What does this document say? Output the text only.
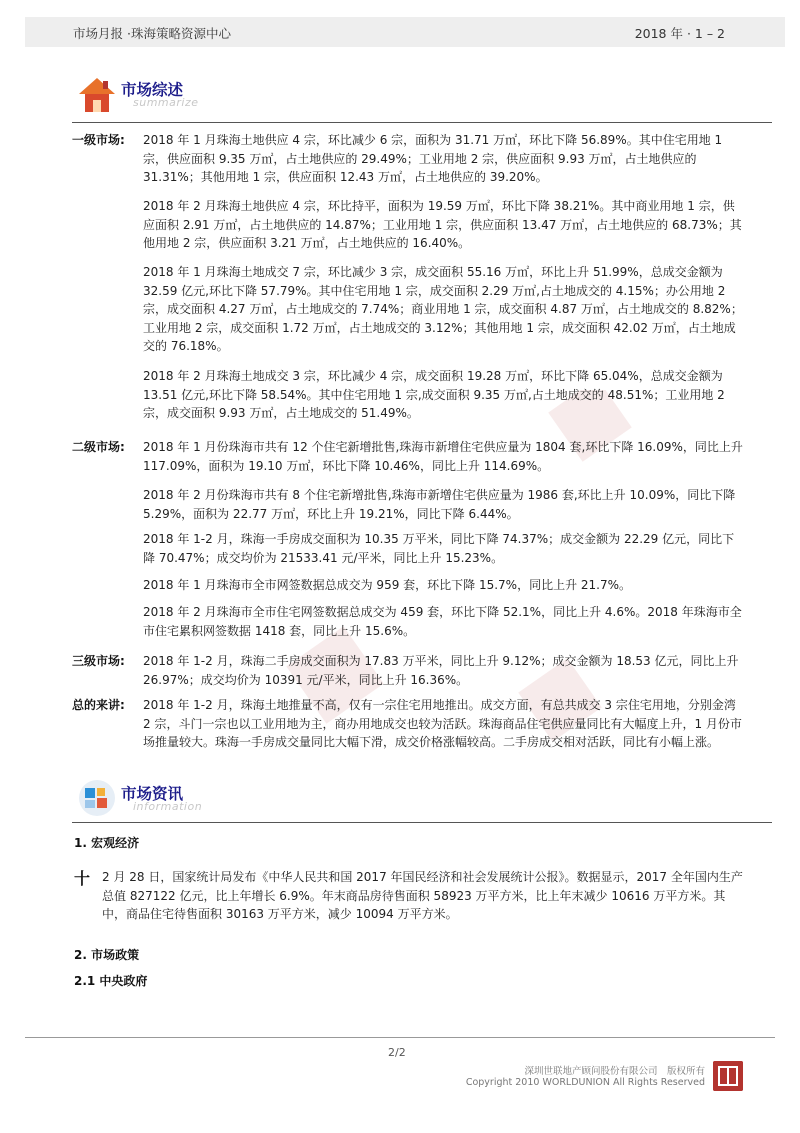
市场月报 ·珠海策略资源中心	2018 年 · 1 – 2
市场综述
summarize
一级市场: 2018 年 1 月珠海土地供应 4 宗，环比减少 6 宗，面积为 31.71 万㎡，环比下降 56.89%。其中住宅用地 1 宗，供应面积 9.35 万㎡，占土地供应的 29.49%；工业用地 2 宗，供应面积 9.93 万㎡，占土地供应的 31.31%；其他用地 1 宗，供应面积 12.43 万㎡，占土地供应的 39.20%。
2018 年 2 月珠海土地供应 4 宗，环比持平，面积为 19.59 万㎡，环比下降 38.21%。其中商业用地 1 宗，供应面积 2.91 万㎡，占土地供应的 14.87%；工业用地 1 宗，供应面积 13.47 万㎡，占土地供应的 68.73%；其他用地 2 宗，供应面积 3.21 万㎡，占土地供应的 16.40%。
2018 年 1 月珠海土地成交 7 宗，环比减少 3 宗，成交面积 55.16 万㎡，环比上升 51.99%，总成交金额为 32.59 亿元,环比下降 57.79%。其中住宅用地 1 宗，成交面积 2.29 万㎡,占土地成交的 4.15%；办公用地 2 宗，成交面积 4.27 万㎡，占土地成交的 7.74%；商业用地 1 宗，成交面积 4.87 万㎡，占土地成交的 8.82%；工业用地 2 宗，成交面积 1.72 万㎡，占土地成交的 3.12%；其他用地 1 宗，成交面积 42.02 万㎡，占土地成交的 76.18%。
2018 年 2 月珠海土地成交 3 宗，环比减少 4 宗，成交面积 19.28 万㎡，环比下降 65.04%，总成交金额为 13.51 亿元,环比下降 58.54%。其中住宅用地 1 宗,成交面积 9.35 万㎡,占土地成交的 48.51%；工业用地 2 宗，成交面积 9.93 万㎡，占土地成交的 51.49%。
二级市场: 2018 年 1 月份珠海市共有 12 个住宅新增批售,珠海市新增住宅供应量为 1804 套,环比下降 16.09%，同比上升 117.09%，面积为 19.10 万㎡，环比下降 10.46%，同比上升 114.69%。
2018 年 2 月份珠海市共有 8 个住宅新增批售,珠海市新增住宅供应量为 1986 套,环比上升 10.09%，同比下降 5.29%，面积为 22.77 万㎡，环比上升 19.21%，同比下降 6.44%。
2018 年 1-2 月，珠海一手房成交面积为 10.35 万平米，同比下降 74.37%；成交金额为 22.29 亿元，同比下降 70.47%；成交均价为 21533.41 元/平米，同比上升 15.23%。
2018 年 1 月珠海市全市网签数据总成交为 959 套，环比下降 15.7%，同比上升 21.7%。
2018 年 2 月珠海市全市住宅网签数据总成交为 459 套，环比下降 52.1%，同比上升 4.6%。2018 年珠海市全市住宅累积网签数据 1418 套，同比上升 15.6%。
三级市场: 2018 年 1-2 月，珠海二手房成交面积为 17.83 万平米，同比上升 9.12%；成交金额为 18.53 亿元，同比上升 26.97%；成交均价为 10391 元/平米，同比上升 16.36%。
总的来讲: 2018 年 1-2 月，珠海土地推量不高，仅有一宗住宅用地推出。成交方面，有总共成交 3 宗住宅用地，分别金湾 2 宗，斗门一宗也以工业用地为主，商办用地成交也较为活跃。珠海商品住宅供应量同比有大幅度上升，1 月份市场推量较大。珠海一手房成交量同比大幅下滑，成交价格涨幅较高。二手房成交相对活跃，同比有小幅上涨。
市场资讯
information
1. 宏观经济
十 2 月 28 日，国家统计局发布《中华人民共和国 2017 年国民经济和社会发展统计公报》。数据显示，2017 全年国内生产总值 827122 亿元，比上年增长 6.9%。年末商品房待售面积 58923 万平方米，比上年末减少 10616 万平方米。其中，商品住宅待售面积 30163 万平方米，减少 10094 万平方米。
2. 市场政策
2.1 中央政府
2/2
深圳世联地产顾问股份有限公司　版权所有
Copyright 2010 WORLDUNION All Rights Reserved
